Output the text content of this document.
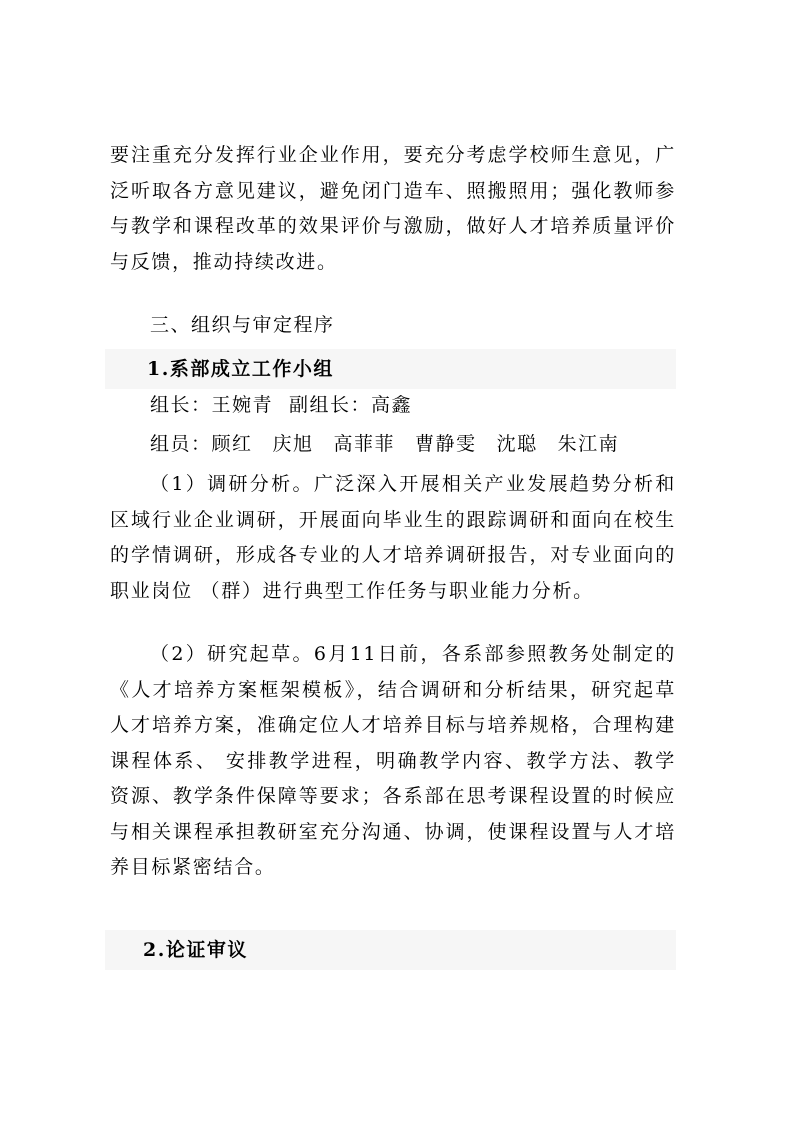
要注重充分发挥行业企业作用，要充分考虑学校师生意见，广泛听取各方意见建议，避免闭门造车、照搬照用；强化教师参与教学和课程改革的效果评价与激励，做好人才培养质量评价与反馈，推动持续改进。
三、组织与审定程序
1.系部成立工作小组
组长：王婉青 副组长：高鑫
组员：顾红 庆旭 高菲菲 曹静雯 沈聪 朱江南
（1）调研分析。广泛深入开展相关产业发展趋势分析和区域行业企业调研，开展面向毕业生的跟踪调研和面向在校生的学情调研，形成各专业的人才培养调研报告，对专业面向的职业岗位 （群）进行典型工作任务与职业能力分析。
（2）研究起草。6月11日前，各系部参照教务处制定的《人才培养方案框架模板》，结合调研和分析结果，研究起草人才培养方案，准确定位人才培养目标与培养规格，合理构建课程体系、 安排教学进程，明确教学内容、教学方法、教学资源、教学条件保障等要求；各系部在思考课程设置的时候应与相关课程承担教研室充分沟通、协调，使课程设置与人才培养目标紧密结合。
2.论证审议
